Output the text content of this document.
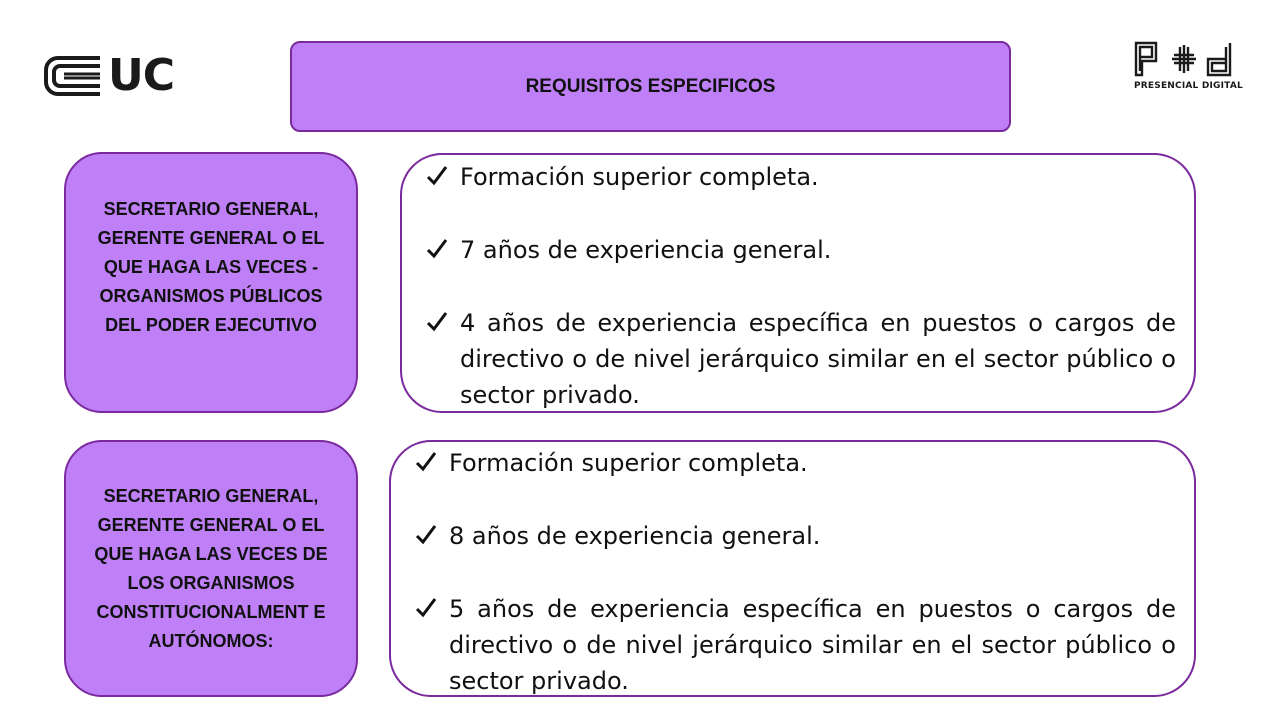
UC	PRESENCIAL DIGITAL
REQUISITOS ESPECIFICOS
SECRETARIO GENERAL, GERENTE GENERAL O EL QUE HAGA LAS VECES - ORGANISMOS PÚBLICOS DEL PODER EJECUTIVO
Formación superior completa.
7 años de experiencia general.
4 años de experiencia específica en puestos o cargos de directivo o de nivel jerárquico similar en el sector público o sector privado.
SECRETARIO GENERAL, GERENTE GENERAL O EL QUE HAGA LAS VECES DE LOS ORGANISMOS CONSTITUCIONALMENT E AUTÓNOMOS:
Formación superior completa.
8 años de experiencia general.
5 años de experiencia específica en puestos o cargos de directivo o de nivel jerárquico similar en el sector público o sector privado.
